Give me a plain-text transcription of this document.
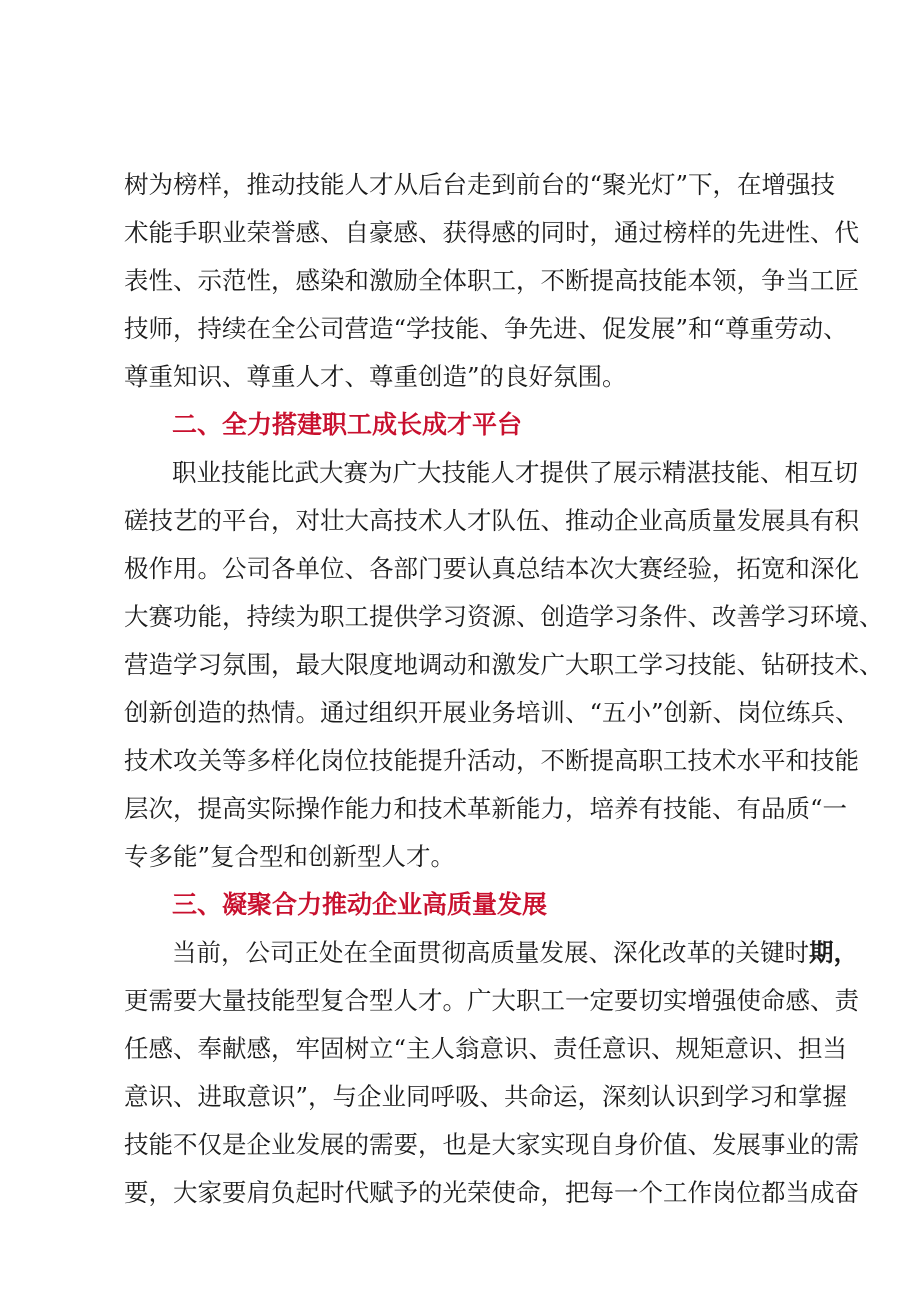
树为榜样，推动技能人才从后台走到前台的“聚光灯”下，在增强技
术能手职业荣誉感、自豪感、获得感的同时，通过榜样的先进性、代
表性、示范性，感染和激励全体职工，不断提高技能本领，争当工匠
技师，持续在全公司营造“学技能、争先进、促发展”和“尊重劳动、
尊重知识、尊重人才、尊重创造”的良好氛围。
二、全力搭建职工成长成才平台
职业技能比武大赛为广大技能人才提供了展示精湛技能、相互切
磋技艺的平台，对壮大高技术人才队伍、推动企业高质量发展具有积
极作用。公司各单位、各部门要认真总结本次大赛经验，拓宽和深化
大赛功能，持续为职工提供学习资源、创造学习条件、改善学习环境、
营造学习氛围，最大限度地调动和激发广大职工学习技能、钻研技术、
创新创造的热情。通过组织开展业务培训、“五小”创新、岗位练兵、
技术攻关等多样化岗位技能提升活动，不断提高职工技术水平和技能
层次，提高实际操作能力和技术革新能力，培养有技能、有品质“一
专多能”复合型和创新型人才。
三、凝聚合力推动企业高质量发展
当前，公司正处在全面贯彻高质量发展、深化改革的关键时期，
更需要大量技能型复合型人才。广大职工一定要切实增强使命感、责
任感、奉献感，牢固树立“主人翁意识、责任意识、规矩意识、担当
意识、进取意识”，与企业同呼吸、共命运，深刻认识到学习和掌握
技能不仅是企业发展的需要，也是大家实现自身价值、发展事业的需
要，大家要肩负起时代赋予的光荣使命，把每一个工作岗位都当成奋
